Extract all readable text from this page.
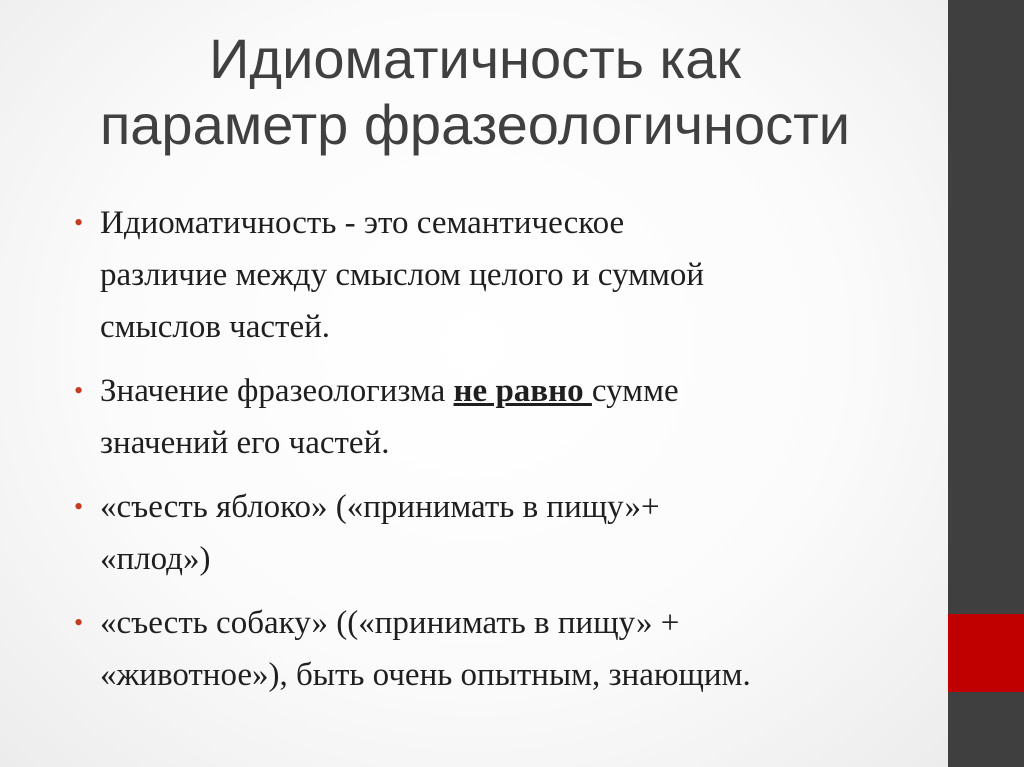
Идиоматичность как
параметр фразеологичности
• Идиоматичность - это семантическое
различие между смыслом целого и суммой
смыслов частей.
• Значение фразеологизма не равно сумме
значений его частей.
• «съесть яблоко» («принимать в пищу»+
«плод»)
• «съесть собаку» ((«принимать в пищу» +
«животное»), быть очень опытным, знающим.
